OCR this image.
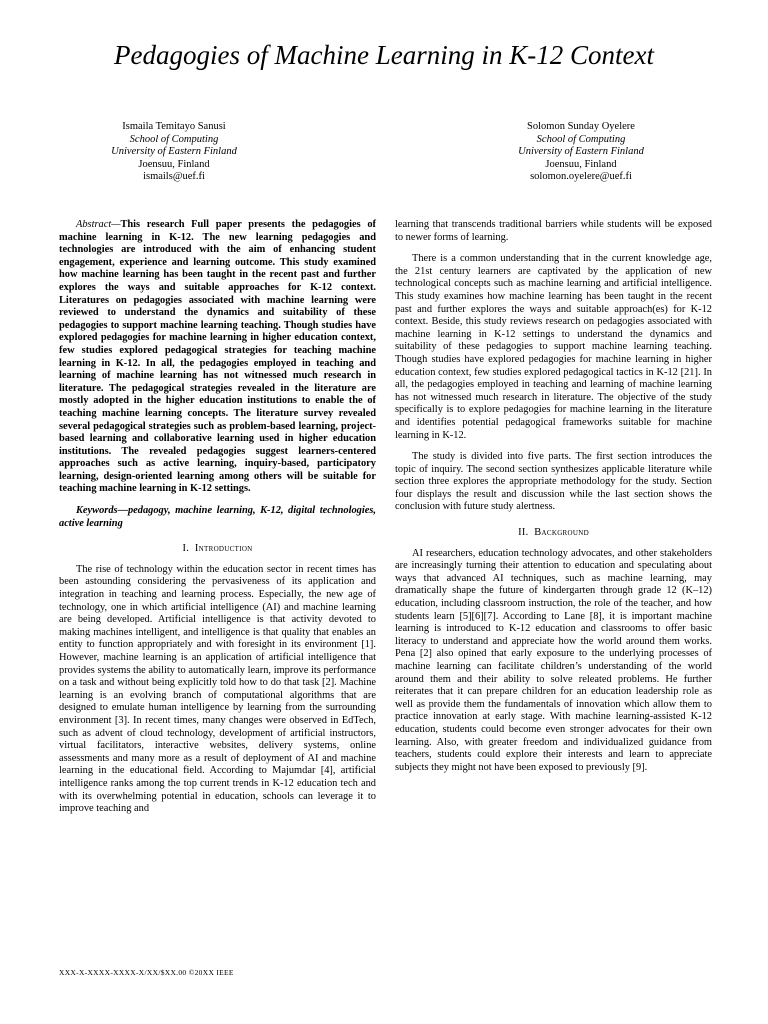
Pedagogies of Machine Learning in K-12 Context
Ismaila Temitayo Sanusi
School of Computing
University of Eastern Finland
Joensuu, Finland
ismails@uef.fi
Solomon Sunday Oyelere
School of Computing
University of Eastern Finland
Joensuu, Finland
solomon.oyelere@uef.fi

Abstract—This research Full paper presents the pedagogies of machine learning in K-12. The new learning pedagogies and technologies are introduced with the aim of enhancing student engagement, experience and learning outcome. This study examined how machine learning has been taught in the recent past and further explores the ways and suitable approaches for K-12 context. Literatures on pedagogies associated with machine learning were reviewed to understand the dynamics and suitability of these pedagogies to support machine learning teaching. Though studies have explored pedagogies for machine learning in higher education context, few studies explored pedagogical strategies for teaching machine learning in K-12. In all, the pedagogies employed in teaching and learning of machine learning has not witnessed much research in literature. The pedagogical strategies revealed in the literature are mostly adopted in the higher education institutions to enable the of teaching machine learning concepts. The literature survey revealed several pedagogical strategies such as problem-based learning, project-based learning and collaborative learning used in higher education institutions. The revealed pedagogies suggest learners-centered approaches such as active learning, inquiry-based, participatory learning, design-oriented learning among others will be suitable for teaching machine learning in K-12 settings.

Keywords—pedagogy, machine learning, K-12, digital technologies, active learning

I. Introduction

The rise of technology within the education sector in recent times has been astounding considering the pervasiveness of its application and integration in teaching and learning process. Especially, the new age of technology, one in which artificial intelligence (AI) and machine learning are being developed. Artificial intelligence is that activity devoted to making machines intelligent, and intelligence is that quality that enables an entity to function appropriately and with foresight in its environment [1]. However, machine learning is an application of artificial intelligence that provides systems the ability to automatically learn, improve its performance on a task and without being explicitly told how to do that task [2]. Machine learning is an evolving branch of computational algorithms that are designed to emulate human intelligence by learning from the surrounding environment [3]. In recent times, many changes were observed in EdTech, such as advent of cloud technology, development of artificial instructors, virtual facilitators, interactive websites, delivery systems, online assessments and many more as a result of deployment of AI and machine learning in the educational field. According to Majumdar [4], artificial intelligence ranks among the top current trends in K-12 education tech and with its overwhelming potential in education, schools can leverage it to improve teaching and

learning that transcends traditional barriers while students will be exposed to newer forms of learning.

There is a common understanding that in the current knowledge age, the 21st century learners are captivated by the application of new technological concepts such as machine learning and artificial intelligence. This study examines how machine learning has been taught in the recent past and further explores the ways and suitable approach(es) for K-12 context. Beside, this study reviews research on pedagogies associated with machine learning in K-12 settings to understand the dynamics and suitability of these pedagogies to support machine learning teaching. Though studies have explored pedagogies for machine learning in higher education context, few studies explored pedagogical tactics in K-12 [21]. In all, the pedagogies employed in teaching and learning of machine learning has not witnessed much research in literature. The objective of the study specifically is to explore pedagogies for machine learning in the literature and identifies potential pedagogical frameworks suitable for machine learning in K-12.

The study is divided into five parts. The first section introduces the topic of inquiry. The second section synthesizes applicable literature while section three explores the appropriate methodology for the study. Section four displays the result and discussion while the last section shows the conclusion with future study alertness.

II. Background

AI researchers, education technology advocates, and other stakeholders are increasingly turning their attention to education and speculating about ways that advanced AI techniques, such as machine learning, may dramatically shape the future of kindergarten through grade 12 (K–12) education, including classroom instruction, the role of the teacher, and how students learn [5][6][7]. According to Lane [8], it is important machine learning is introduced to K-12 education and classrooms to offer basic literacy to understand and appreciate how the world around them works. Pena [2] also opined that early exposure to the underlying processes of machine learning can facilitate children’s understanding of the world around them and their ability to solve releated problems. He further reiterates that it can prepare children for an education leadership role as well as provide them the fundamentals of innovation which allow them to practice innovation at early stage. With machine learning-assisted K-12 education, students could become even stronger advocates for their own learning. Also, with greater freedom and individualized guidance from teachers, students could explore their interests and learn to appreciate subjects they might not have been exposed to previously [9].

XXX-X-XXXX-XXXX-X/XX/$XX.00 ©20XX IEEE
